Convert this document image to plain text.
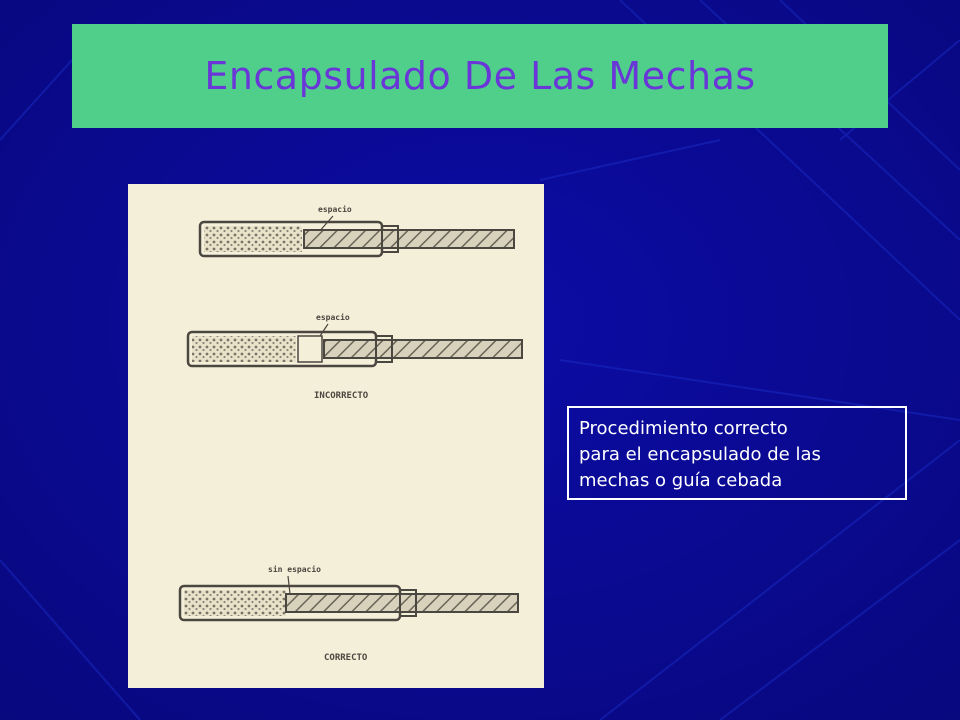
Encapsulado De Las Mechas
espacio
espacio
INCORRECTO
sin espacio
CORRECTO
Procedimiento correcto
para el encapsulado de las
mechas o guía cebada
